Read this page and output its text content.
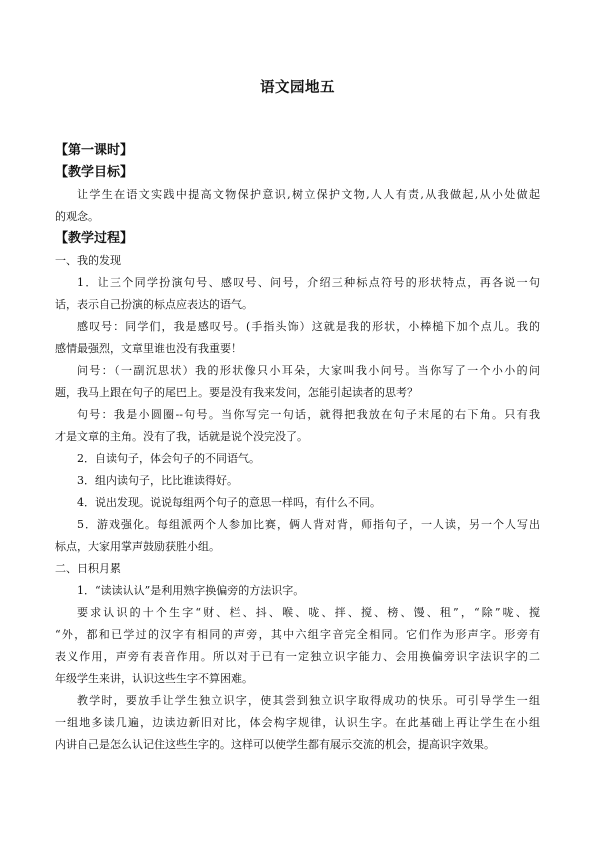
语文园地五
【第一课时】
【教学目标】
让学生在语文实践中提高文物保护意识,树立保护文物,人人有责,从我做起,从小处做起
的观念。
【教学过程】
一、我的发现
1．让三个同学扮演句号、感叹号、问号，介绍三种标点符号的形状特点，再各说一句
话，表示自己扮演的标点应表达的语气。
感叹号：同学们，我是感叹号。(手指头饰）这就是我的形状，小棒槌下加个点儿。我的
感情最强烈，文章里谁也没有我重要！
问号：（一副沉思状）我的形状像只小耳朵，大家叫我小问号。当你写了一个小小的问
题，我马上跟在句子的尾巴上。要是没有我来发问，怎能引起读者的思考？
句号：我是小圆圈--句号。当你写完一句话，就得把我放在句子末尾的右下角。只有我
才是文章的主角。没有了我，话就是说个没完没了。
2．自读句子，体会句子的不同语气。
3．组内读句子，比比谁读得好。
4．说出发现。说说每组两个句子的意思一样吗，有什么不同。
5．游戏强化。每组派两个人参加比赛，俩人背对背，师指句子，一人读，另一个人写出
标点，大家用掌声鼓励获胜小组。
二、日积月累
1．“读读认认”是利用熟字换偏旁的方法识字。
要求认识的十个生字“财、栏、抖、喉、咙、拌、搅、榜、馒、租”，“除”咙、搅
“外，都和已学过的汉字有相同的声旁，其中六组字音完全相同。它们作为形声字。形旁有
表义作用，声旁有表音作用。所以对于已有一定独立识字能力、会用换偏旁识字法识字的二
年级学生来讲，认识这些生字不算困难。
教学时，要放手让学生独立识字，使其尝到独立识字取得成功的快乐。可引导学生一组
一组地多读几遍，边读边新旧对比，体会构字规律，认识生字。在此基础上再让学生在小组
内讲自己是怎么认记住这些生字的。这样可以使学生都有展示交流的机会，提高识字效果。
